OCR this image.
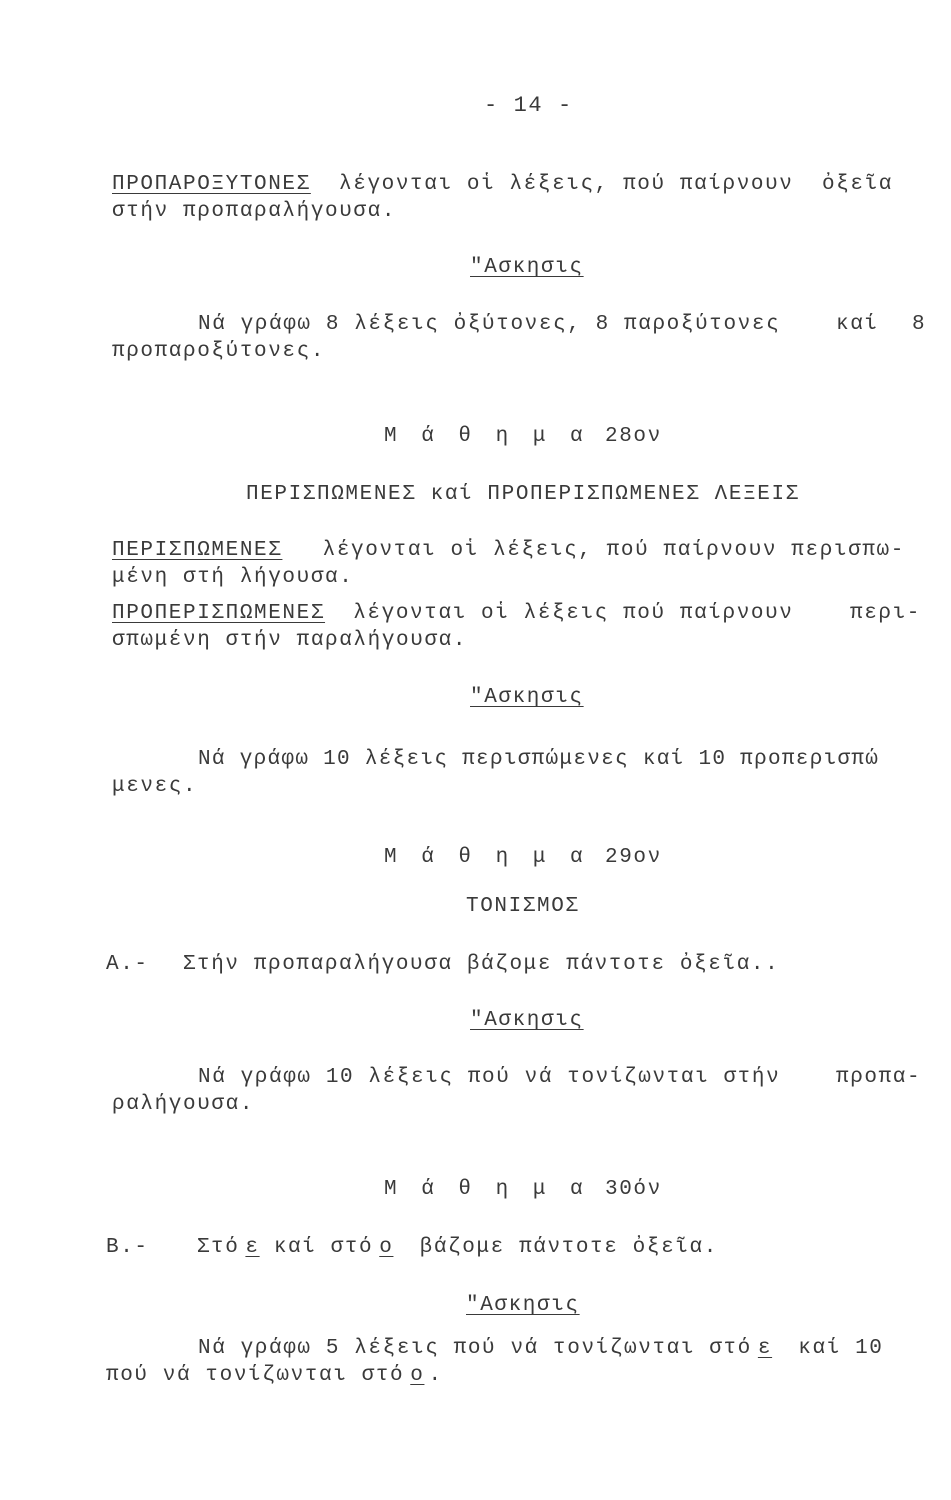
- 14 -
ΠΡΟΠΑΡΟΞΥΤΟΝΕΣ λέγονται οἱ λέξεις, πού παίρνουν ὀξεῖα
στήν προπαραλήγουσα.
"Ασκησις
Νά γράφω 8 λέξεις ὀξύτονες, 8 παροξύτονες	καί 8
προπαροξύτονες.
Μ ά θ η μ α 28ον
ΠΕΡΙΣΠΩΜΕΝΕΣ καί ΠΡΟΠΕΡΙΣΠΩΜΕΝΕΣ ΛΕΞΕΙΣ
ΠΕΡΙΣΠΩΜΕΝΕΣ λέγονται οἱ λέξεις, πού παίρνουν περισπω-
μένη στή λήγουσα.
ΠΡΟΠΕΡΙΣΠΩΜΕΝΕΣ λέγονται οἱ λέξεις πού παίρνουν	περι-
σπωμένη στήν παραλήγουσα.
"Ασκησις
Νά γράφω 10 λέξεις περισπώμενες καί 10 προπερισπώ
μενες.
Μ ά θ η μ α 29ον
ΤΟΝΙΣΜΟΣ
Α.- Στήν προπαραλήγουσα βάζομε πάντοτε ὀξεῖα..
"Ασκησις
Νά γράφω 10 λέξεις πού νά τονίζωνται στήν	προπα-
ραλήγουσα.
Μ ά θ η μ α 30όν
Β.- Στό ε καί στό ο βάζομε πάντοτε ὀξεῖα.
"Ασκησις
Νά γράφω 5 λέξεις πού νά τονίζωνται στό ε καί 10
πού νά τονίζωνται στό ο .
